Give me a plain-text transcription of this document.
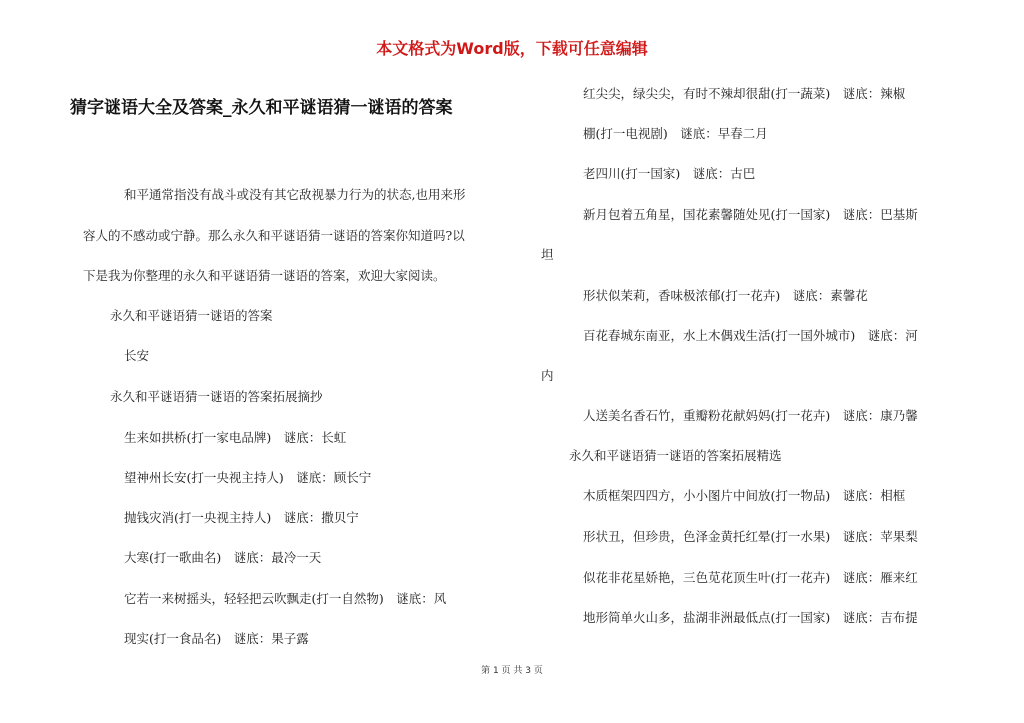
本文格式为Word版，下载可任意编辑
猜字谜语大全及答案_永久和平谜语猜一谜语的答案
和平通常指没有战斗或没有其它敌视暴力行为的状态,也用来形
容人的不感动或宁静。那么永久和平谜语猜一谜语的答案你知道吗?以
下是我为你整理的永久和平谜语猜一谜语的答案，欢迎大家阅读。
永久和平谜语猜一谜语的答案
长安
永久和平谜语猜一谜语的答案拓展摘抄
生来如拱桥(打一家电品牌)　谜底：长虹
望神州长安(打一央视主持人)　谜底：顾长宁
抛钱灾消(打一央视主持人)　谜底：撒贝宁
大寒(打一歌曲名)　谜底：最冷一天
它若一来树摇头，轻轻把云吹飘走(打一自然物)　谜底：风
现实(打一食品名)　谜底：果子露
红尖尖，绿尖尖，有时不辣却很甜(打一蔬菜)　谜底：辣椒
棚(打一电视剧)　谜底：早春二月
老四川(打一国家)　谜底：古巴
新月包着五角星，国花素馨随处见(打一国家)　谜底：巴基斯
坦
形状似茉莉，香味极浓郁(打一花卉)　谜底：素馨花
百花春城东南亚，水上木偶戏生活(打一国外城市)　谜底：河
内
人送美名香石竹，重瓣粉花献妈妈(打一花卉)　谜底：康乃馨
永久和平谜语猜一谜语的答案拓展精选
木质框架四四方，小小图片中间放(打一物品)　谜底：相框
形状丑，但珍贵，色泽金黄托红晕(打一水果)　谜底：苹果梨
似花非花星娇艳，三色苋花顶生叶(打一花卉)　谜底：雁来红
地形简单火山多，盐湖非洲最低点(打一国家)　谜底：吉布提
第 1 页 共 3 页
